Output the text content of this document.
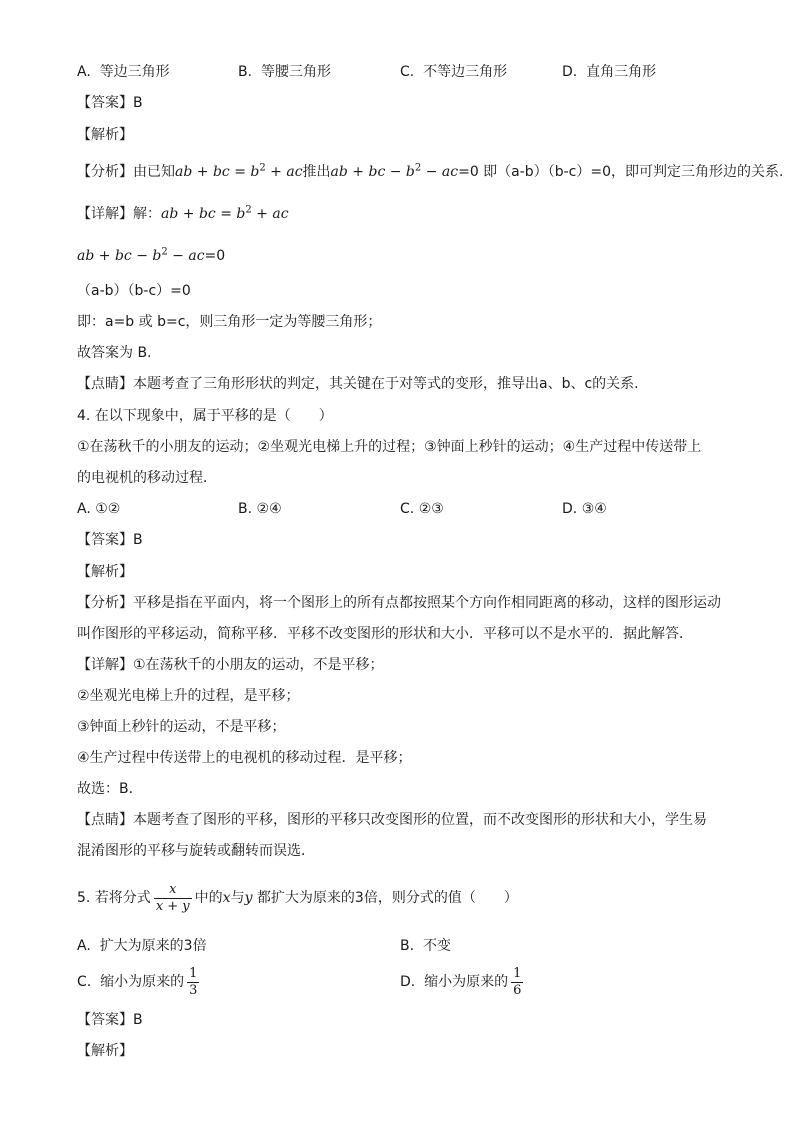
A. 等边三角形	B. 等腰三角形	C. 不等边三角形	D. 直角三角形
【答案】B
【解析】
【分析】由已知ab + bc = $b^2$ + ac推出ab + bc − $b^2 - ac=0$ 即（a-b）（b-c）=0，即可判定三角形边的关系.
【详解】解：ab + bc = $b^2$ + ac
ab + bc − $b^2 - ac=0$
（a-b）（b-c）=0
即：a=b 或 b=c，则三角形一定为等腰三角形；
故答案为 B.
【点睛】本题考查了三角形形状的判定，其关键在于对等式的变形，推导出a、b、c的关系.
4. 在以下现象中，属于平移的是（　　）
①在荡秋千的小朋友的运动；②坐观光电梯上升的过程；③钟面上秒针的运动；④生产过程中传送带上
的电视机的移动过程．
A. ①②	B. ②④	C. ②③	D. ③④
【答案】B
【解析】
【分析】平移是指在平面内，将一个图形上的所有点都按照某个方向作相同距离的移动，这样的图形运动
叫作图形的平移运动，简称平移．平移不改变图形的形状和大小．平移可以不是水平的．据此解答．
【详解】①在荡秋千的小朋友的运动，不是平移；
②坐观光电梯上升的过程，是平移；
③钟面上秒针的运动，不是平移；
④生产过程中传送带上的电视机的移动过程．是平移；
故选：B．
【点睛】本题考查了图形的平移，图形的平移只改变图形的位置，而不改变图形的形状和大小，学生易
混淆图形的平移与旋转或翻转而误选．
5. 若将分式 $\frac{x}{x + y}$ 中的x与y 都扩大为原来的3倍，则分式的值（　　）
A. 扩大为原来的3倍	B. 不变
C. 缩小为原来的 $\frac{1}{3}$	D. 缩小为原来的 $\frac{1}{6}$
【答案】B
【解析】
